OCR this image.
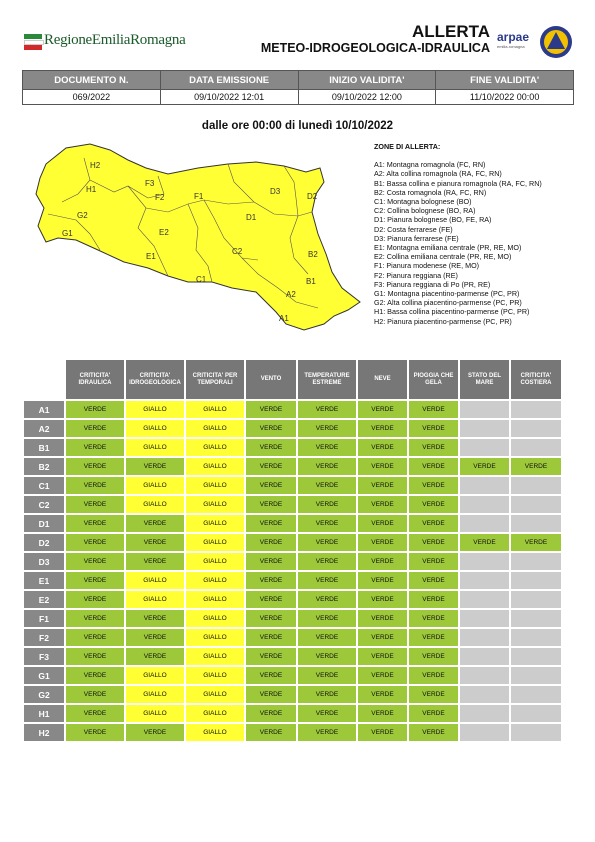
RegioneEmiliaRomagna	ALLERTA
METEO-IDROGEOLOGICA-IDRAULICA
arpae
emilia-romagna
DOCUMENTO N.	DATA EMISSIONE	INIZIO VALIDITA'	FINE VALIDITA'
069/2022	09/10/2022 12:01	09/10/2022 12:00	11/10/2022 00:00
dalle ore 00:00 di lunedì 10/10/2022
H2
H1
F3
F2	F1
D3
D2
G2
G1	E2
D1
C2
E1	B2
C1	B1
A2
A1
ZONE DI ALLERTA:
A1: Montagna romagnola (FC, RN)
A2: Alta collina romagnola (RA, FC, RN)
B1: Bassa collina e pianura romagnola (RA, FC, RN)
B2: Costa romagnola (RA, FC, RN)
C1: Montagna bolognese (BO)
C2: Collina bolognese (BO, RA)
D1: Pianura bolognese (BO, FE, RA)
D2: Costa ferrarese (FE)
D3: Pianura ferrarese (FE)
E1: Montagna emiliana centrale (PR, RE, MO)
E2: Collina emiliana centrale (PR, RE, MO)
F1: Pianura modenese (RE, MO)
F2: Pianura reggiana (RE)
F3: Pianura reggiana di Po (PR, RE)
G1: Montagna piacentino-parmense (PC, PR)
G2: Alta collina piacentino-parmense (PC, PR)
H1: Bassa collina piacentino-parmense (PC, PR)
H2: Pianura piacentino-parmense (PC, PR)
	CRITICITA' IDRAULICA	CRITICITA' IDROGEOLOGICA	CRITICITA' PER TEMPORALI	VENTO	TEMPERATURE ESTREME	NEVE	PIOGGIA CHE GELA	STATO DEL MARE	CRITICITA' COSTIERA
A1	VERDE	GIALLO	GIALLO	VERDE	VERDE	VERDE	VERDE		
A2	VERDE	GIALLO	GIALLO	VERDE	VERDE	VERDE	VERDE		
B1	VERDE	GIALLO	GIALLO	VERDE	VERDE	VERDE	VERDE		
B2	VERDE	VERDE	GIALLO	VERDE	VERDE	VERDE	VERDE	VERDE	VERDE
C1	VERDE	GIALLO	GIALLO	VERDE	VERDE	VERDE	VERDE		
C2	VERDE	GIALLO	GIALLO	VERDE	VERDE	VERDE	VERDE		
D1	VERDE	VERDE	GIALLO	VERDE	VERDE	VERDE	VERDE		
D2	VERDE	VERDE	GIALLO	VERDE	VERDE	VERDE	VERDE	VERDE	VERDE
D3	VERDE	VERDE	GIALLO	VERDE	VERDE	VERDE	VERDE		
E1	VERDE	GIALLO	GIALLO	VERDE	VERDE	VERDE	VERDE		
E2	VERDE	GIALLO	GIALLO	VERDE	VERDE	VERDE	VERDE		
F1	VERDE	VERDE	GIALLO	VERDE	VERDE	VERDE	VERDE		
F2	VERDE	VERDE	GIALLO	VERDE	VERDE	VERDE	VERDE		
F3	VERDE	VERDE	GIALLO	VERDE	VERDE	VERDE	VERDE		
G1	VERDE	GIALLO	GIALLO	VERDE	VERDE	VERDE	VERDE		
G2	VERDE	GIALLO	GIALLO	VERDE	VERDE	VERDE	VERDE		
H1	VERDE	GIALLO	GIALLO	VERDE	VERDE	VERDE	VERDE		
H2	VERDE	VERDE	GIALLO	VERDE	VERDE	VERDE	VERDE		
